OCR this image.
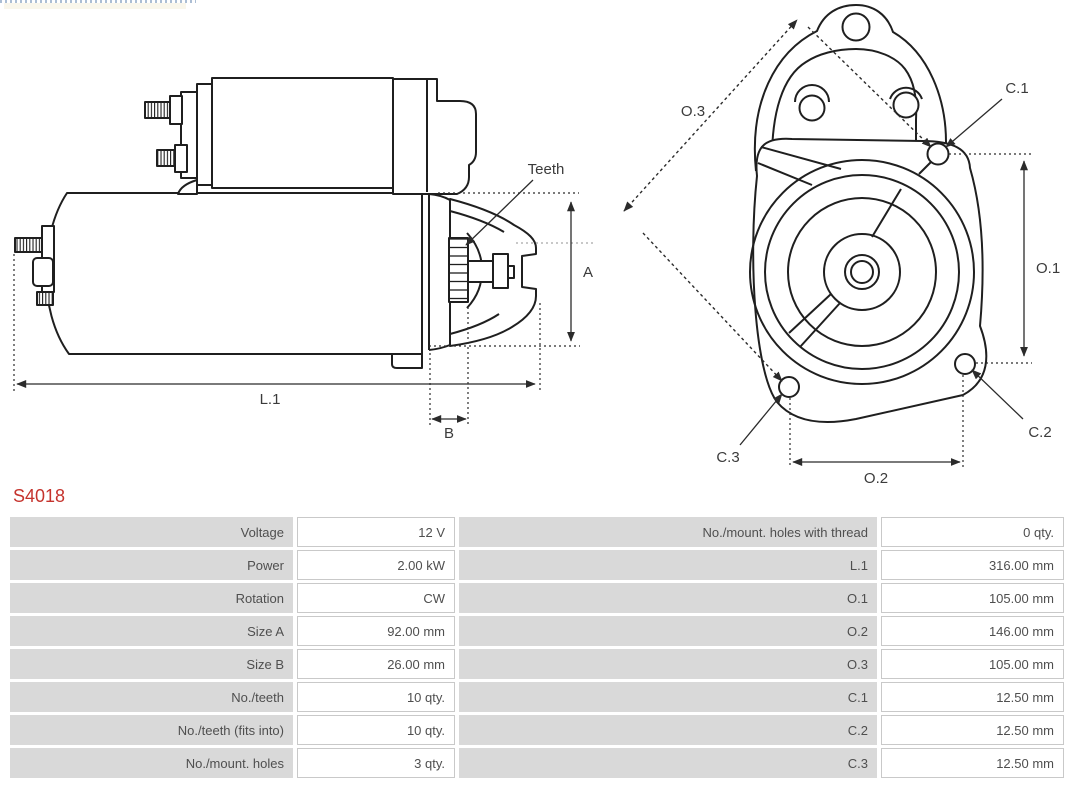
Teeth
A
L.1
B
O.3
O.1
O.2
C.1
C.2
C.3
S4018
Voltage	12 V	No./mount. holes with thread	0 qty.
Power	2.00 kW	L.1	316.00 mm
Rotation	CW	O.1	105.00 mm
Size A	92.00 mm	O.2	146.00 mm
Size B	26.00 mm	O.3	105.00 mm
No./teeth	10 qty.	C.1	12.50 mm
No./teeth (fits into)	10 qty.	C.2	12.50 mm
No./mount. holes	3 qty.	C.3	12.50 mm
